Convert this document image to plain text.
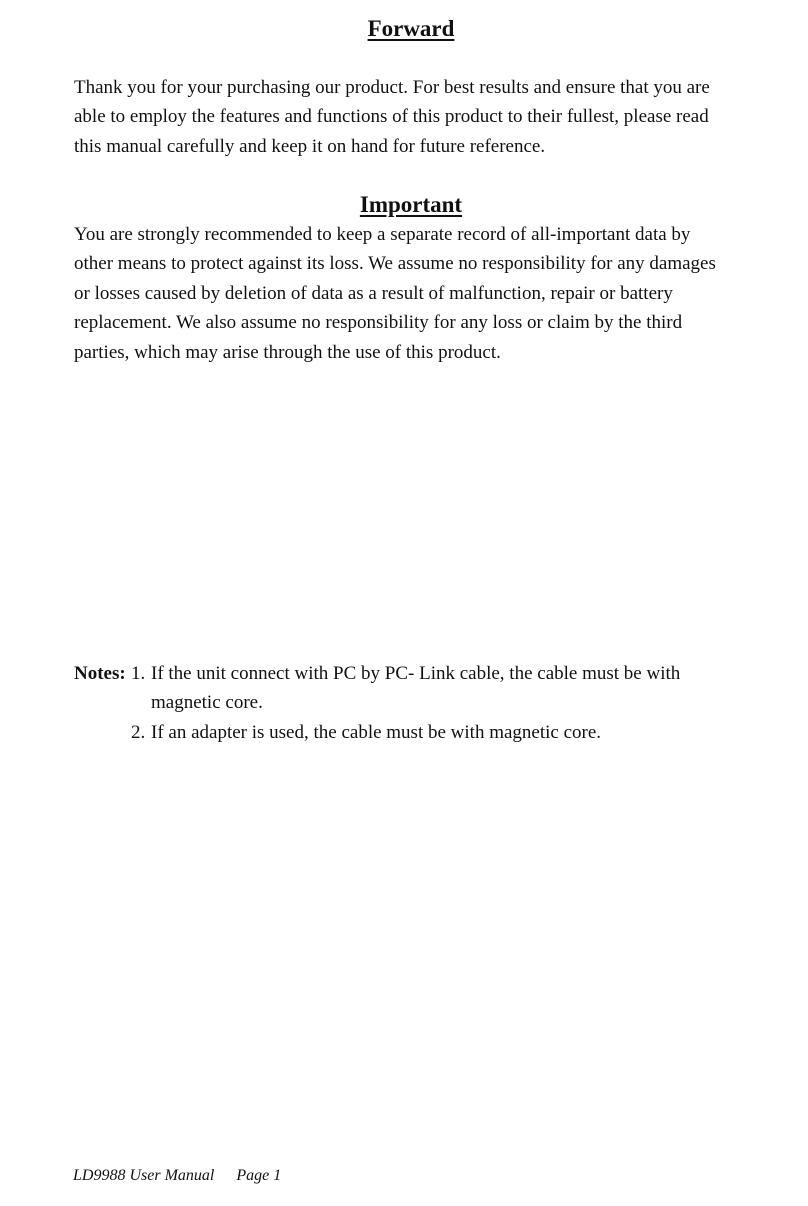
Forward

Thank you for your purchasing our product. For best results and ensure that you are
able to employ the features and functions of this product to their fullest, please read
this manual carefully and keep it on hand for future reference.

Important

You are strongly recommended to keep a separate record of all-important data by
other means to protect against its loss. We assume no responsibility for any damages
or losses caused by deletion of data as a result of malfunction, repair or battery
replacement. We also assume no responsibility for any loss or claim by the third
parties, which may arise through the use of this product.

Notes: 1. If the unit connect with PC by PC- Link cable, the cable must be with
magnetic core.
2. If an adapter is used, the cable must be with magnetic core.
LD9988 User Manual Page 1
